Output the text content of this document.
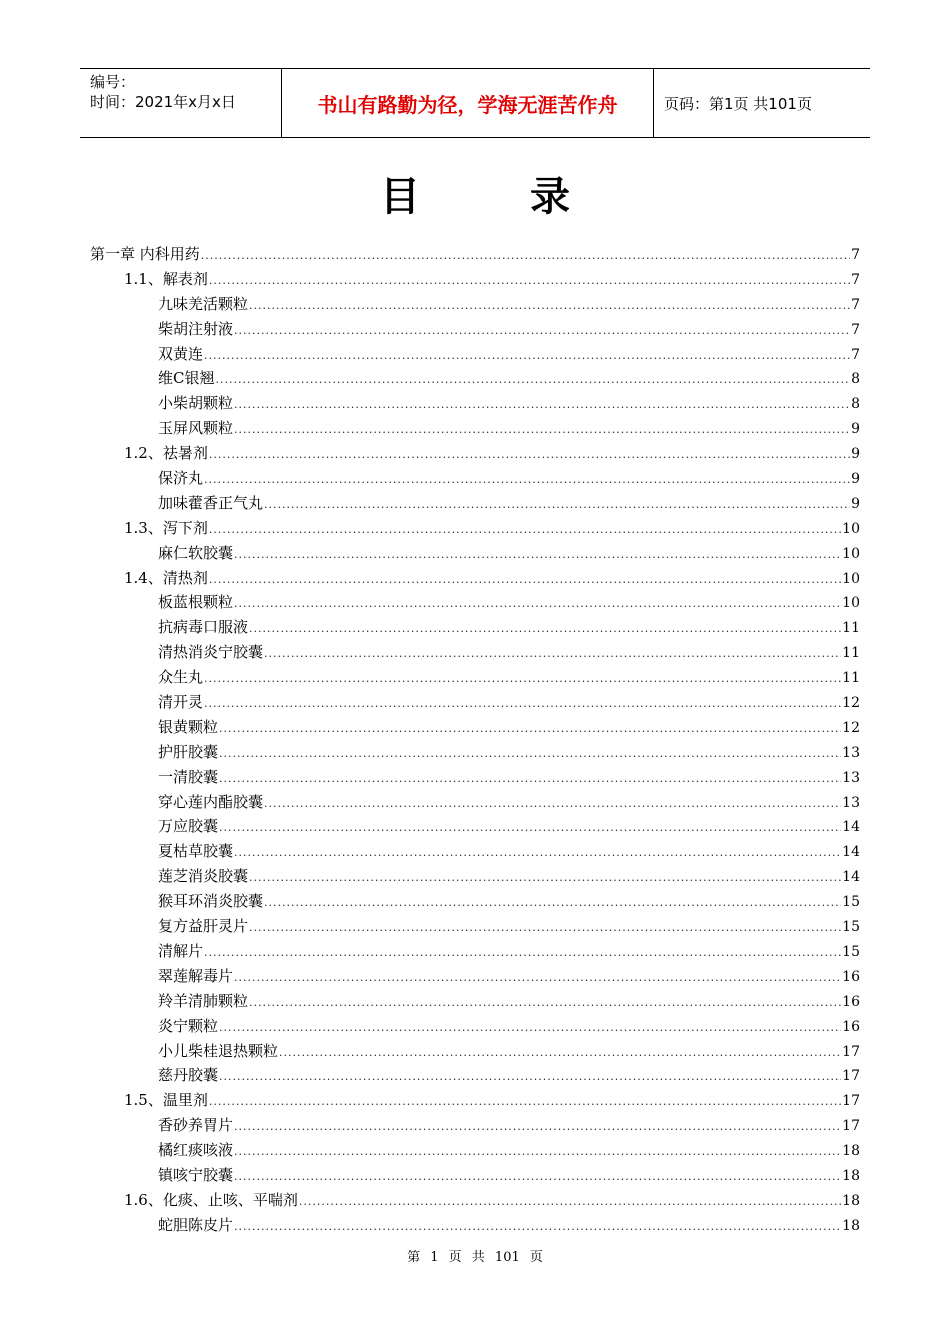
编号：
时间：2021年x月x日	书山有路勤为径，学海无涯苦作舟	页码：第1页 共101页
目 录
第一章 内科用药 .....	7
1.1、解表剂 .....	7
九味羌活颗粒 .....	7
柴胡注射液 .....	7
双黄连 .....	7
维C银翘 .....	8
小柴胡颗粒 .....	8
玉屏风颗粒 .....	9
1.2、祛暑剂 .....	9
保济丸 .....	9
加味藿香正气丸 .....	9
1.3、泻下剂 .....	10
麻仁软胶囊 .....	10
1.4、清热剂 .....	10
板蓝根颗粒 .....	10
抗病毒口服液 .....	11
清热消炎宁胶囊 .....	11
众生丸 .....	11
清开灵 .....	12
银黄颗粒 .....	12
护肝胶囊 .....	13
一清胶囊 .....	13
穿心莲内酯胶囊 .....	13
万应胶囊 .....	14
夏枯草胶囊 .....	14
莲芝消炎胶囊 .....	14
猴耳环消炎胶囊 .....	15
复方益肝灵片 .....	15
清解片 .....	15
翠莲解毒片 .....	16
羚羊清肺颗粒 .....	16
炎宁颗粒 .....	16
小儿柴桂退热颗粒 .....	17
慈丹胶囊 .....	17
1.5、温里剂 .....	17
香砂养胃片 .....	17
橘红痰咳液 .....	18
镇咳宁胶囊 .....	18
1.6、化痰、止咳、平喘剂 .....	18
蛇胆陈皮片 .....	18
第 1 页 共 101 页
